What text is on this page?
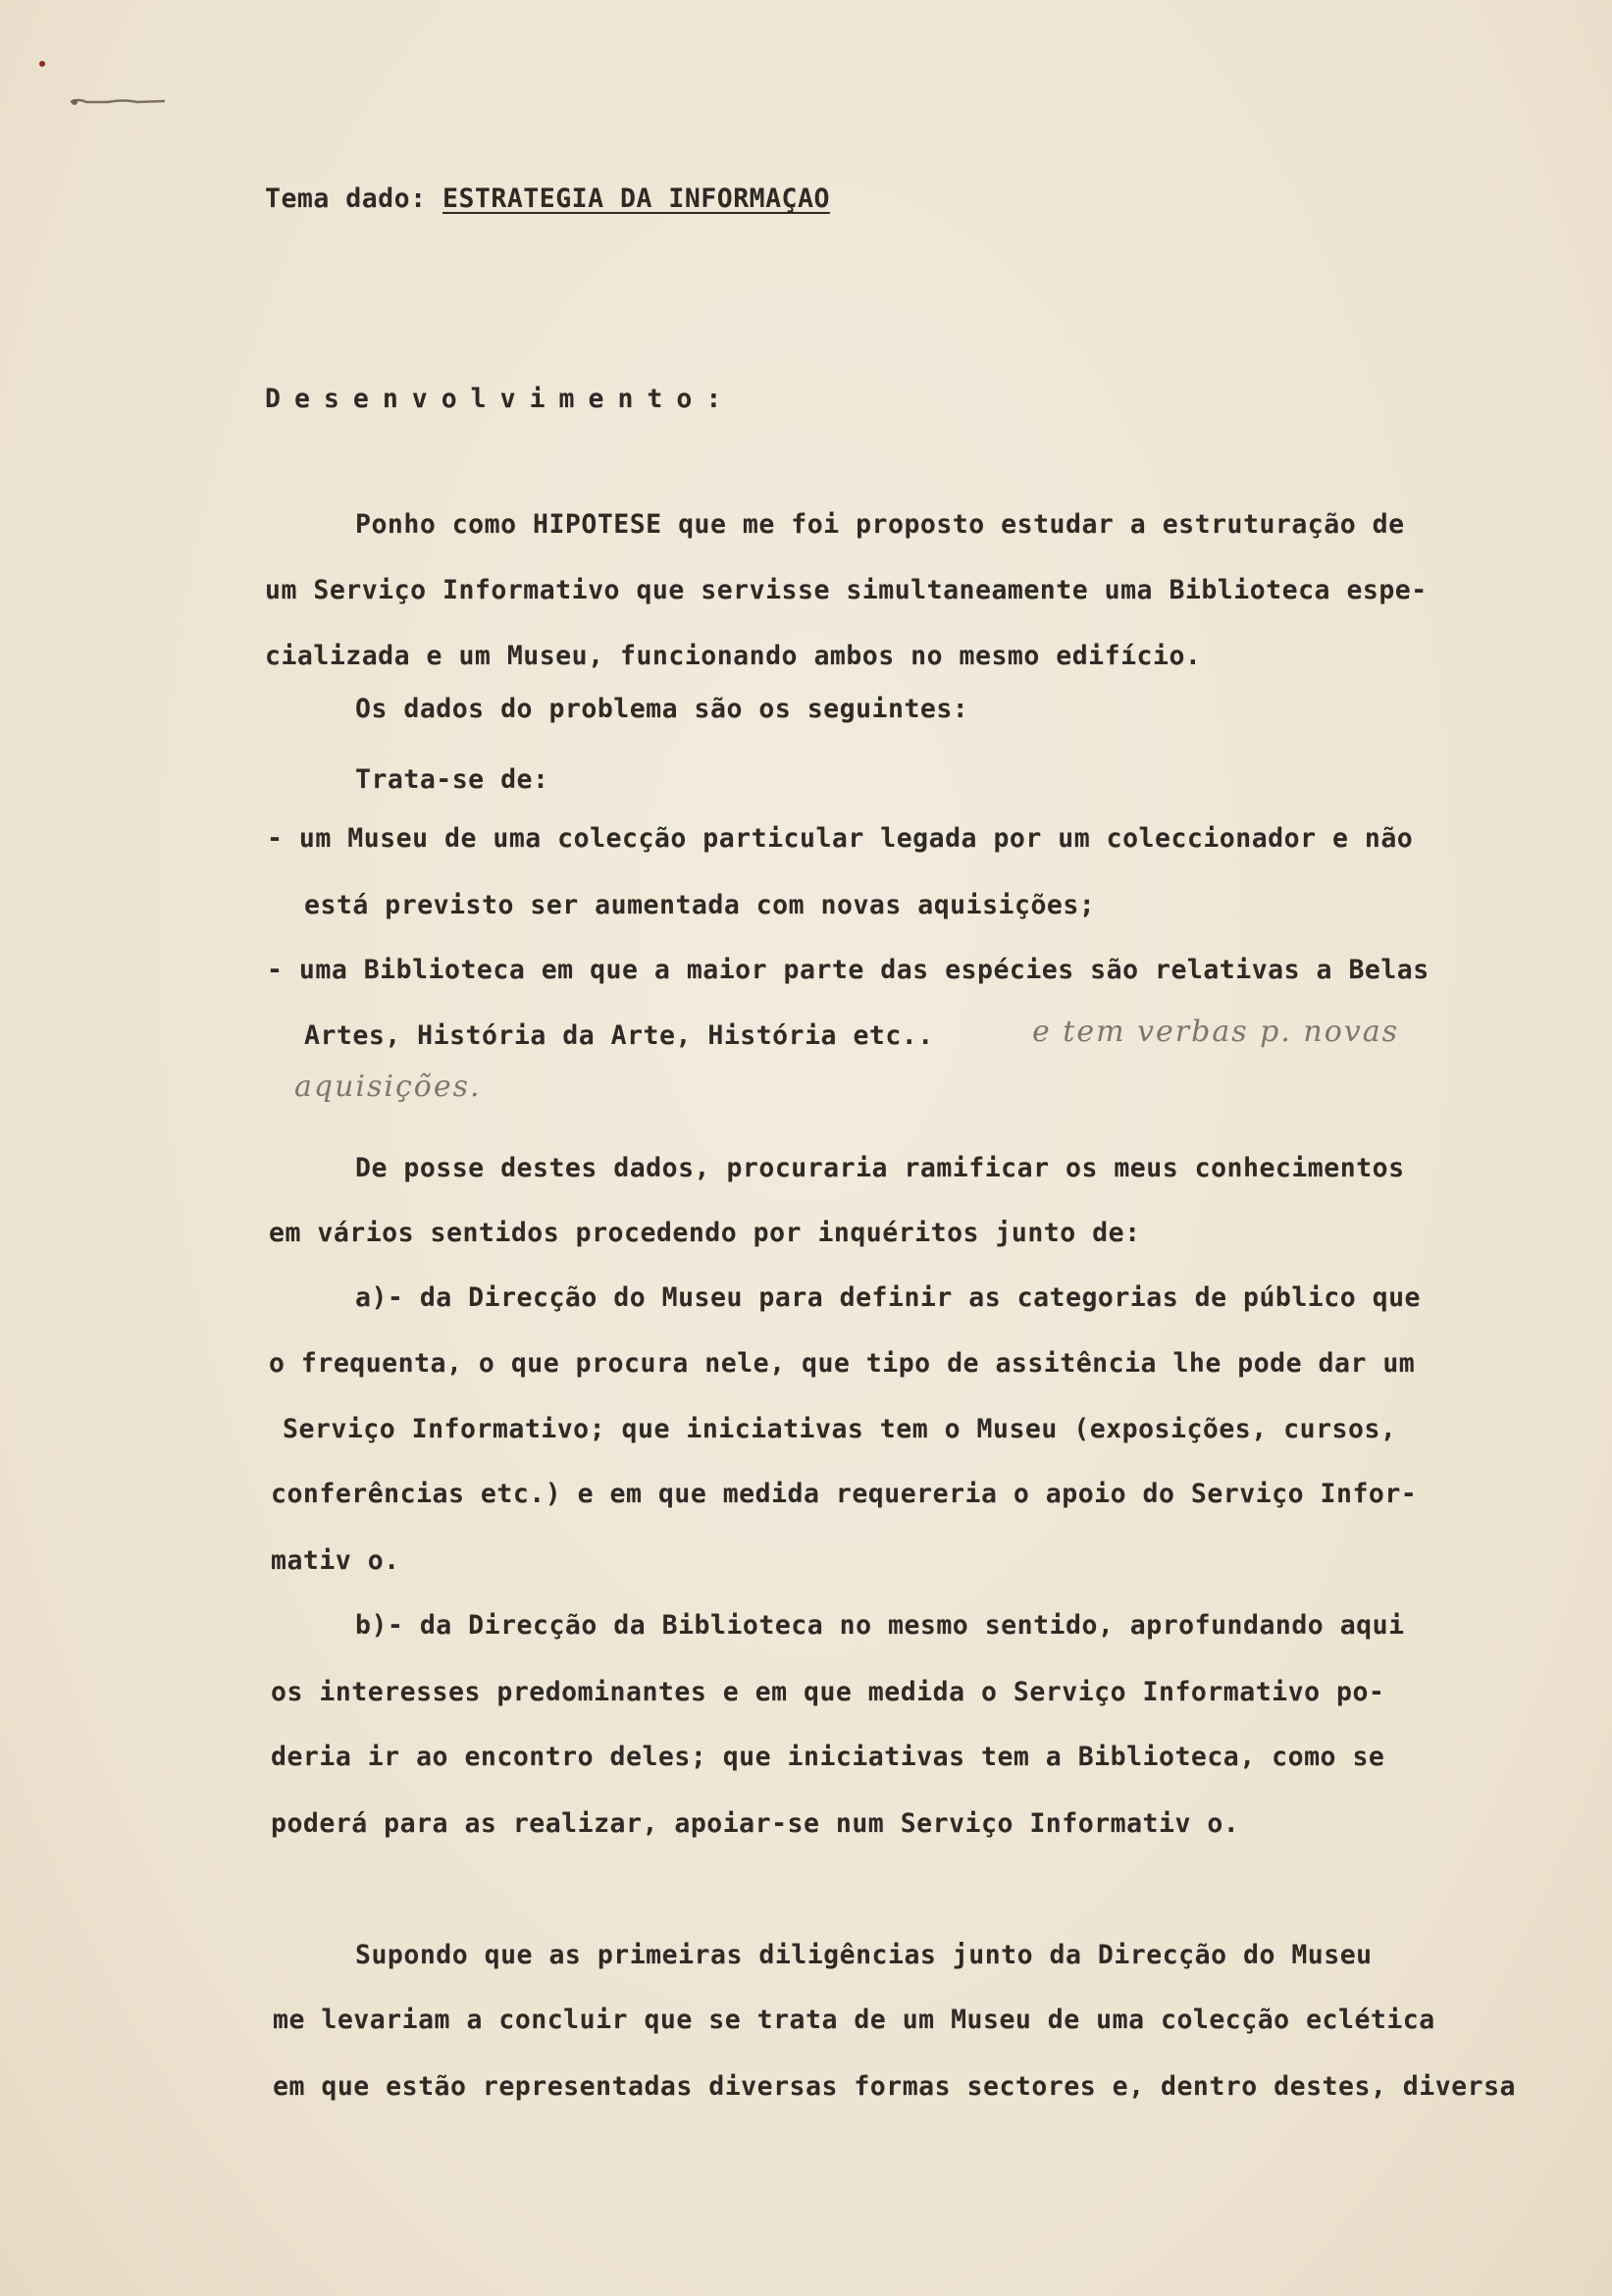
Tema dado: ESTRATEGIA DA INFORMAÇAO
Desenvolvimento:
Ponho como HIPOTESE que me foi proposto estudar a estruturação de
um Serviço Informativo que servisse simultaneamente uma Biblioteca espe-
cializada e um Museu, funcionando ambos no mesmo edifício.
Os dados do problema são os seguintes:
Trata-se de:
- um Museu de uma colecção particular legada por um coleccionador e não
está previsto ser aumentada com novas aquisições;
- uma Biblioteca em que a maior parte das espécies são relativas a Belas
Artes, História da Arte, História etc..	e tem verbas p. novas
aquisições.
De posse destes dados, procuraria ramificar os meus conhecimentos
em vários sentidos procedendo por inquéritos junto de:
a)- da Direcção do Museu para definir as categorias de público que
o frequenta, o que procura nele, que tipo de assitência lhe pode dar um
Serviço Informativo; que iniciativas tem o Museu (exposições, cursos,
conferências etc.) e em que medida requereria o apoio do Serviço Infor-
mativ o.
b)- da Direcção da Biblioteca no mesmo sentido, aprofundando aqui
os interesses predominantes e em que medida o Serviço Informativo po-
deria ir ao encontro deles; que iniciativas tem a Biblioteca, como se
poderá para as realizar, apoiar-se num Serviço Informativ o.
Supondo que as primeiras diligências junto da Direcção do Museu
me levariam a concluir que se trata de um Museu de uma colecção eclética
em que estão representadas diversas formas sectores e, dentro destes, diversa
